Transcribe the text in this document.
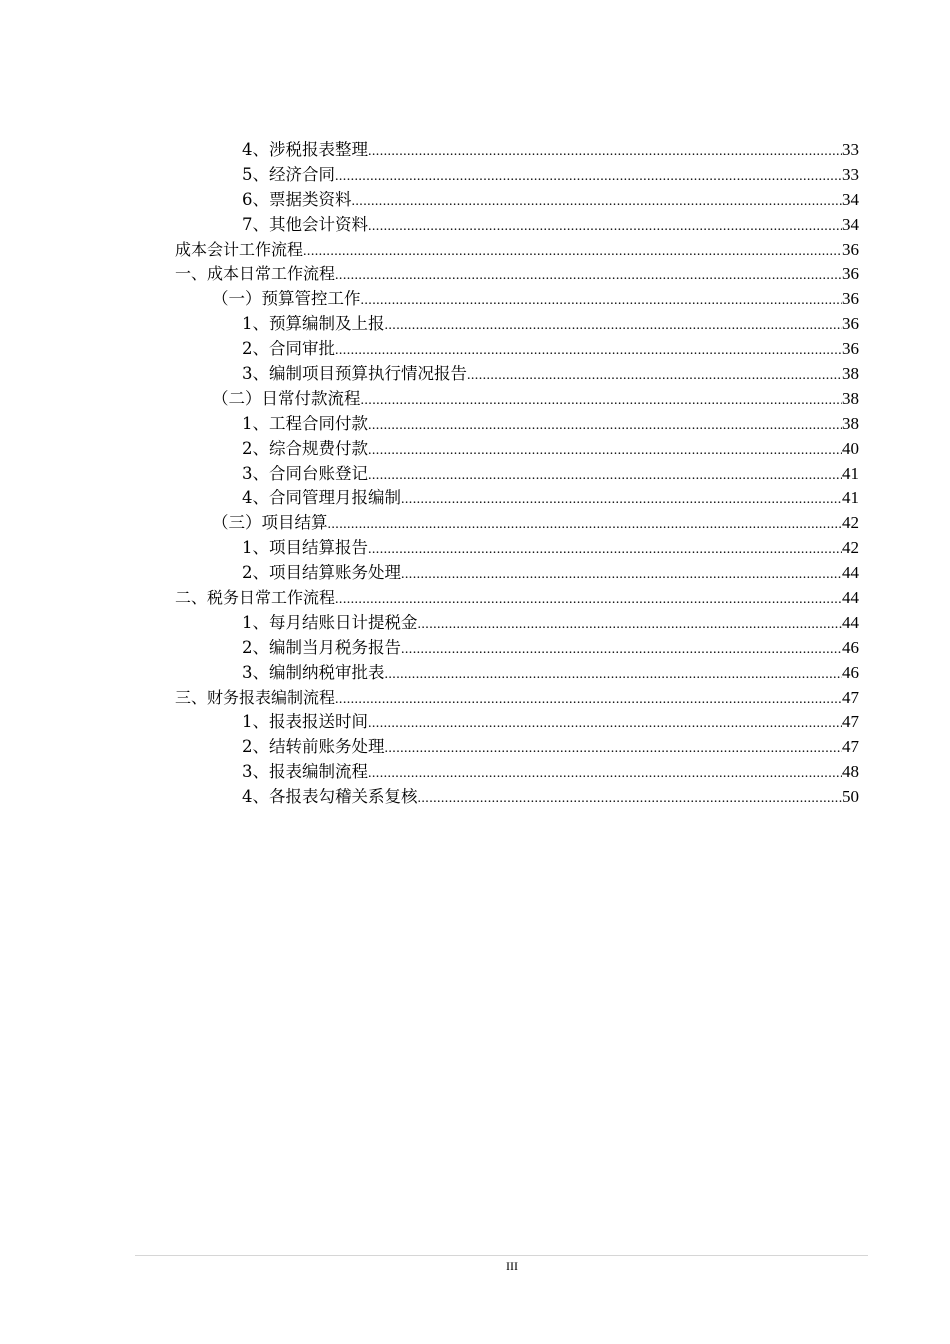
4、涉税报表整理 .....	33
5、经济合同 .....	33
6、票据类资料 .....	34
7、其他会计资料 .....	34
成本会计工作流程 .....	36
一、成本日常工作流程 .....	36
（一）预算管控工作 .....	36
1、预算编制及上报 .....	36
2、合同审批 .....	36
3、编制项目预算执行情况报告 .....	38
（二）日常付款流程 .....	38
1、工程合同付款 .....	38
2、综合规费付款 .....	40
3、合同台账登记 .....	41
4、合同管理月报编制 .....	41
（三）项目结算 .....	42
1、项目结算报告 .....	42
2、项目结算账务处理 .....	44
二、税务日常工作流程 .....	44
1、每月结账日计提税金 .....	44
2、编制当月税务报告 .....	46
3、编制纳税审批表 .....	46
三、财务报表编制流程 .....	47
1、报表报送时间 .....	47
2、结转前账务处理 .....	47
3、报表编制流程 .....	48
4、各报表勾稽关系复核 .....	50
III
